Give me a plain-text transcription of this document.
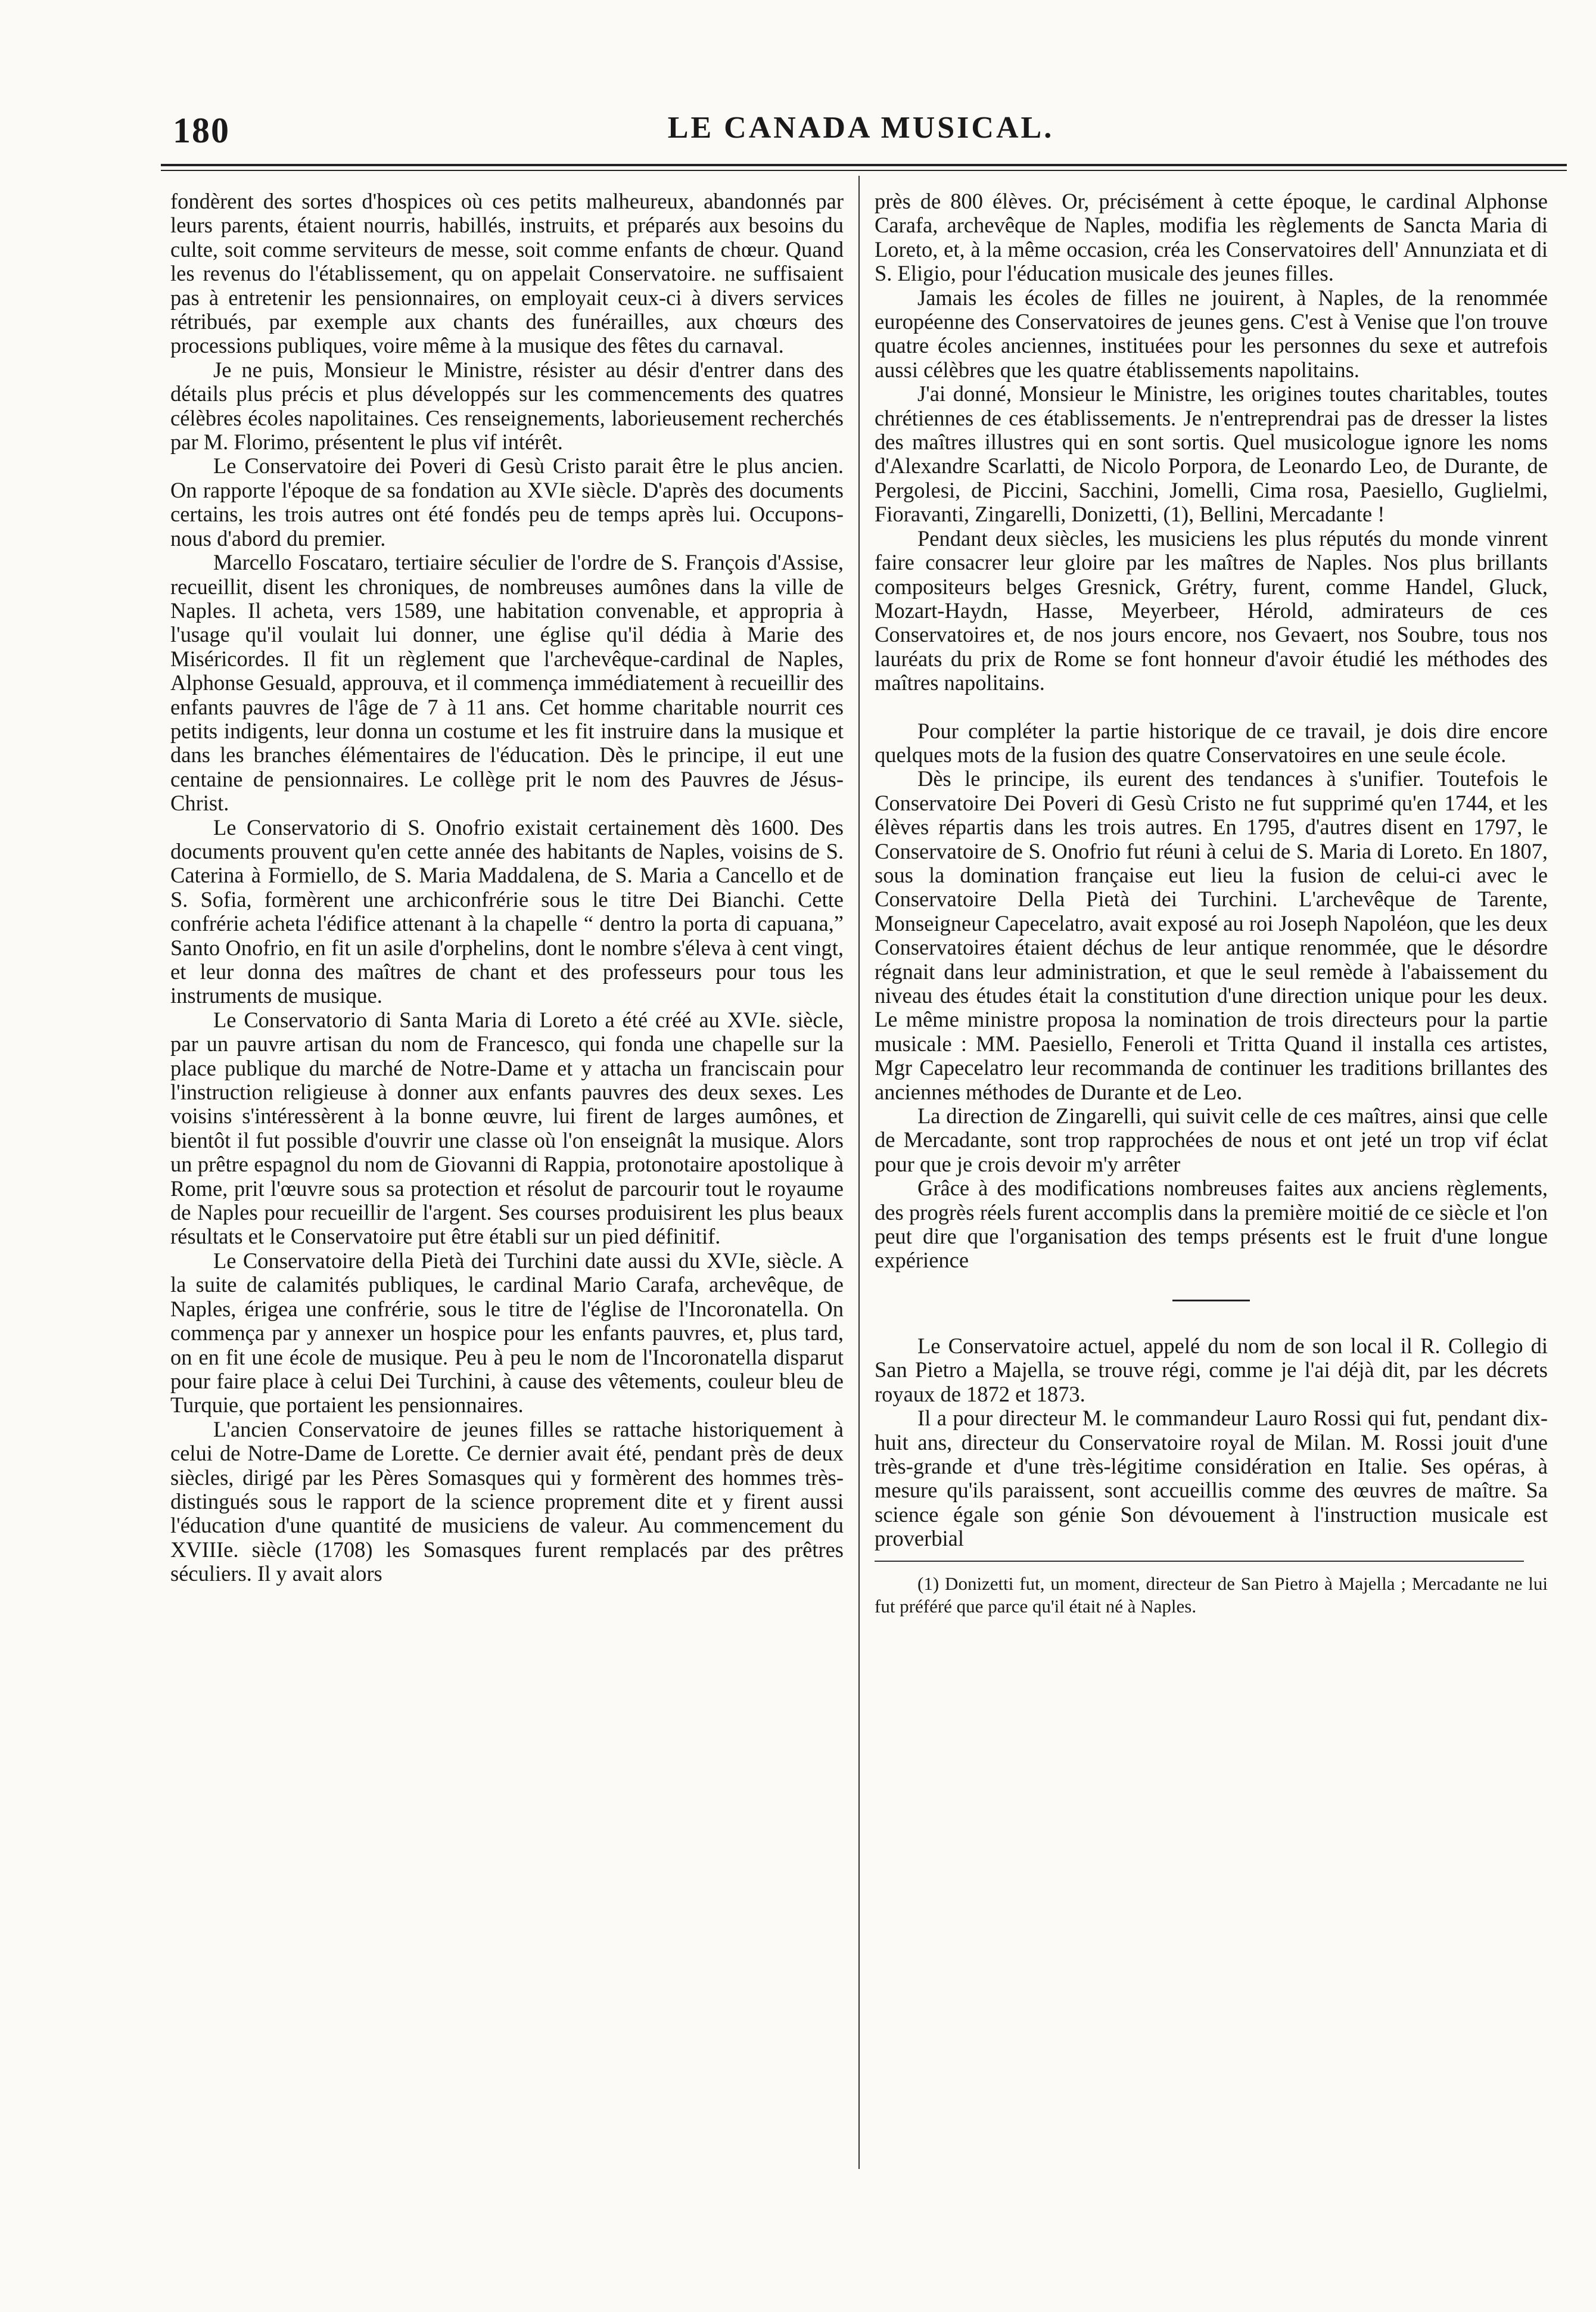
180	LE CANADA MUSICAL.

fondèrent des sortes d'hospices où ces petits malheureux, abandonnés par leurs parents, étaient nourris, habillés, instruits, et préparés aux besoins du culte, soit comme serviteurs de messe, soit comme enfants de chœur. Quand les revenus do l'établissement, qu on appelait Conservatoire. ne suffisaient pas à entretenir les pensionnaires, on employait ceux-ci à divers services rétribués, par exemple aux chants des funérailles, aux chœurs des processions publiques, voire même à la musique des fêtes du carnaval.

Je ne puis, Monsieur le Ministre, résister au désir d'entrer dans des détails plus précis et plus développés sur les commencements des quatres célèbres écoles napolitaines. Ces renseignements, laborieusement recherchés par M. Florimo, présentent le plus vif intérêt.

Le Conservatoire dei Poveri di Gesù Cristo parait être le plus ancien. On rapporte l'époque de sa fondation au XVIe siècle. D'après des documents certains, les trois autres ont été fondés peu de temps après lui. Occupons-nous d'abord du premier.

Marcello Foscataro, tertiaire séculier de l'ordre de S. François d'Assise, recueillit, disent les chroniques, de nombreuses aumônes dans la ville de Naples. Il acheta, vers 1589, une habitation convenable, et appropria à l'usage qu'il voulait lui donner, une église qu'il dédia à Marie des Miséricordes. Il fit un règlement que l'archevêque-cardinal de Naples, Alphonse Gesuald, approuva, et il commença immédiatement à recueillir des enfants pauvres de l'âge de 7 à 11 ans. Cet homme charitable nourrit ces petits indigents, leur donna un costume et les fit instruire dans la musique et dans les branches élémentaires de l'éducation. Dès le principe, il eut une centaine de pensionnaires. Le collège prit le nom des Pauvres de Jésus-Christ.

Le Conservatorio di S. Onofrio existait certainement dès 1600. Des documents prouvent qu'en cette année des habitants de Naples, voisins de S. Caterina à Formiello, de S. Maria Maddalena, de S. Maria a Cancello et de S. Sofia, formèrent une archiconfrérie sous le titre Dei Bianchi. Cette confrérie acheta l'édifice attenant à la chapelle “ dentro la porta di capuana,” Santo Onofrio, en fit un asile d'orphelins, dont le nombre s'éleva à cent vingt, et leur donna des maîtres de chant et des professeurs pour tous les instruments de musique.

Le Conservatorio di Santa Maria di Loreto a été créé au XVIe. siècle, par un pauvre artisan du nom de Francesco, qui fonda une chapelle sur la place publique du marché de Notre-Dame et y attacha un franciscain pour l'instruction religieuse à donner aux enfants pauvres des deux sexes. Les voisins s'intéressèrent à la bonne œuvre, lui firent de larges aumônes, et bientôt il fut possible d'ouvrir une classe où l'on enseignât la musique. Alors un prêtre espagnol du nom de Giovanni di Rappia, protonotaire apostolique à Rome, prit l'œuvre sous sa protection et résolut de parcourir tout le royaume de Naples pour recueillir de l'argent. Ses courses produisirent les plus beaux résultats et le Conservatoire put être établi sur un pied définitif.

Le Conservatoire della Pietà dei Turchini date aussi du XVIe, siècle. A la suite de calamités publiques, le cardinal Mario Carafa, archevêque, de Naples, érigea une confrérie, sous le titre de l'église de l'Incoronatella. On commença par y annexer un hospice pour les enfants pauvres, et, plus tard, on en fit une école de musique. Peu à peu le nom de l'Incoronatella disparut pour faire place à celui Dei Turchini, à cause des vêtements, couleur bleu de Turquie, que portaient les pensionnaires.

L'ancien Conservatoire de jeunes filles se rattache historiquement à celui de Notre-Dame de Lorette. Ce dernier avait été, pendant près de deux siècles, dirigé par les Pères Somasques qui y formèrent des hommes très-distingués sous le rapport de la science proprement dite et y firent aussi l'éducation d'une quantité de musiciens de valeur. Au commencement du XVIIIe. siècle (1708) les Somasques furent remplacés par des prêtres séculiers. Il y avait alors

près de 800 élèves. Or, précisément à cette époque, le cardinal Alphonse Carafa, archevêque de Naples, modifia les règlements de Sancta Maria di Loreto, et, à la même occasion, créa les Conservatoires dell' Annunziata et di S. Eligio, pour l'éducation musicale des jeunes filles.

Jamais les écoles de filles ne jouirent, à Naples, de la renommée européenne des Conservatoires de jeunes gens. C'est à Venise que l'on trouve quatre écoles anciennes, instituées pour les personnes du sexe et autrefois aussi célèbres que les quatre établissements napolitains.

J'ai donné, Monsieur le Ministre, les origines toutes charitables, toutes chrétiennes de ces établissements. Je n'entreprendrai pas de dresser la listes des maîtres illustres qui en sont sortis. Quel musicologue ignore les noms d'Alexandre Scarlatti, de Nicolo Porpora, de Leonardo Leo, de Durante, de Pergolesi, de Piccini, Sacchini, Jomelli, Cima rosa, Paesiello, Guglielmi, Fioravanti, Zingarelli, Donizetti, (1), Bellini, Mercadante !

Pendant deux siècles, les musiciens les plus réputés du monde vinrent faire consacrer leur gloire par les maîtres de Naples. Nos plus brillants compositeurs belges Gresnick, Grétry, furent, comme Handel, Gluck, Mozart-Haydn, Hasse, Meyerbeer, Hérold, admirateurs de ces Conservatoires et, de nos jours encore, nos Gevaert, nos Soubre, tous nos lauréats du prix de Rome se font honneur d'avoir étudié les méthodes des maîtres napolitains.

Pour compléter la partie historique de ce travail, je dois dire encore quelques mots de la fusion des quatre Conservatoires en une seule école.

Dès le principe, ils eurent des tendances à s'unifier. Toutefois le Conservatoire Dei Poveri di Gesù Cristo ne fut supprimé qu'en 1744, et les élèves répartis dans les trois autres. En 1795, d'autres disent en 1797, le Conservatoire de S. Onofrio fut réuni à celui de S. Maria di Loreto. En 1807, sous la domination française eut lieu la fusion de celui-ci avec le Conservatoire Della Pietà dei Turchini. L'archevêque de Tarente, Monseigneur Capecelatro, avait exposé au roi Joseph Napoléon, que les deux Conservatoires étaient déchus de leur antique renommée, que le désordre régnait dans leur administration, et que le seul remède à l'abaissement du niveau des études était la constitution d'une direction unique pour les deux. Le même ministre proposa la nomination de trois directeurs pour la partie musicale : MM. Paesiello, Feneroli et Tritta Quand il installa ces artistes, Mgr Capecelatro leur recommanda de continuer les traditions brillantes des anciennes méthodes de Durante et de Leo.

La direction de Zingarelli, qui suivit celle de ces maîtres, ainsi que celle de Mercadante, sont trop rapprochées de nous et ont jeté un trop vif éclat pour que je crois devoir m'y arrêter

Grâce à des modifications nombreuses faites aux anciens règlements, des progrès réels furent accomplis dans la première moitié de ce siècle et l'on peut dire que l'organisation des temps présents est le fruit d'une longue expérience

Le Conservatoire actuel, appelé du nom de son local il R. Collegio di San Pietro a Majella, se trouve régi, comme je l'ai déjà dit, par les décrets royaux de 1872 et 1873.

Il a pour directeur M. le commandeur Lauro Rossi qui fut, pendant dix-huit ans, directeur du Conservatoire royal de Milan. M. Rossi jouit d'une très-grande et d'une très-légitime considération en Italie. Ses opéras, à mesure qu'ils paraissent, sont accueillis comme des œuvres de maître. Sa science égale son génie Son dévouement à l'instruction musicale est proverbial

(1) Donizetti fut, un moment, directeur de San Pietro à Majella ; Mercadante ne lui fut préféré que parce qu'il était né à Naples.
